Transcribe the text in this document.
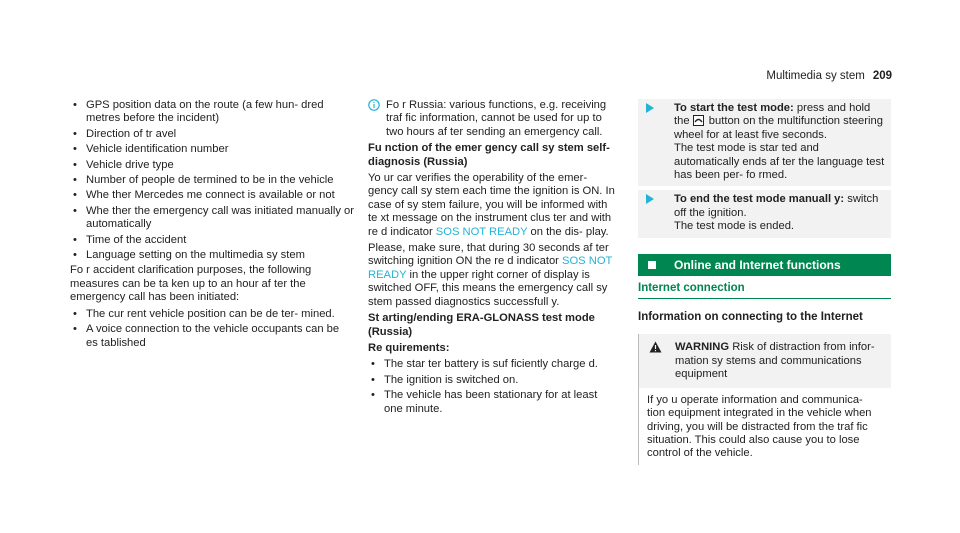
Multimedia sy stem 209
• GPS position data on the route (a few hun- dred metres before the incident)
• Direction of tr avel
• Vehicle identification number
• Vehicle drive type
• Number of people de termined to be in the vehicle
• Whe ther Mercedes me connect is available or not
• Whe ther the emergency call was initiated manually or automatically
• Time of the accident
• Language setting on the multimedia sy stem

Fo r accident clarification purposes, the following measures can be ta ken up to an hour af ter the emergency call has been initiated:

• The cur rent vehicle position can be de ter- mined.
• A voice connection to the vehicle occupants can be es tablished
Fo r Russia: various functions, e.g. receiving traf fic information, cannot be used for up to two hours af ter sending an emergency call.

Fu nction of the emer gency call sy stem self- diagnosis (Russia)

Yo ur car verifies the operability of the emer- gency call sy stem each time the ignition is ON. In case of sy stem failure, you will be informed with te xt message on the instrument clus ter and with re d indicator SOS NOT READY on the dis- play.

Please, make sure, that during 30 seconds af ter switching ignition ON the re d indicator SOS NOT READY in the upper right corner of display is switched OFF, this means the emergency call sy stem passed diagnostics successfull y.

St arting/ending ERA-GLONASS test mode (Russia)

Re quirements:

• The star ter battery is suf ficiently charge d.
• The ignition is switched on.
• The vehicle has been stationary for at least one minute.
To start the test mode: press and hold the button on the multifunction steering wheel for at least five seconds.
The test mode is star ted and automatically ends af ter the language test has been per- fo rmed.
To end the test mode manuall y: switch off the ignition.
The test mode is ended.
Online and Internet functions
Internet connection
Information on connecting to the Internet
WARNING Risk of distraction from infor- mation sy stems and communications equipment
If yo u operate information and communica- tion equipment integrated in the vehicle when driving, you will be distracted from the traf fic situation. This could also cause you to lose control of the vehicle.
